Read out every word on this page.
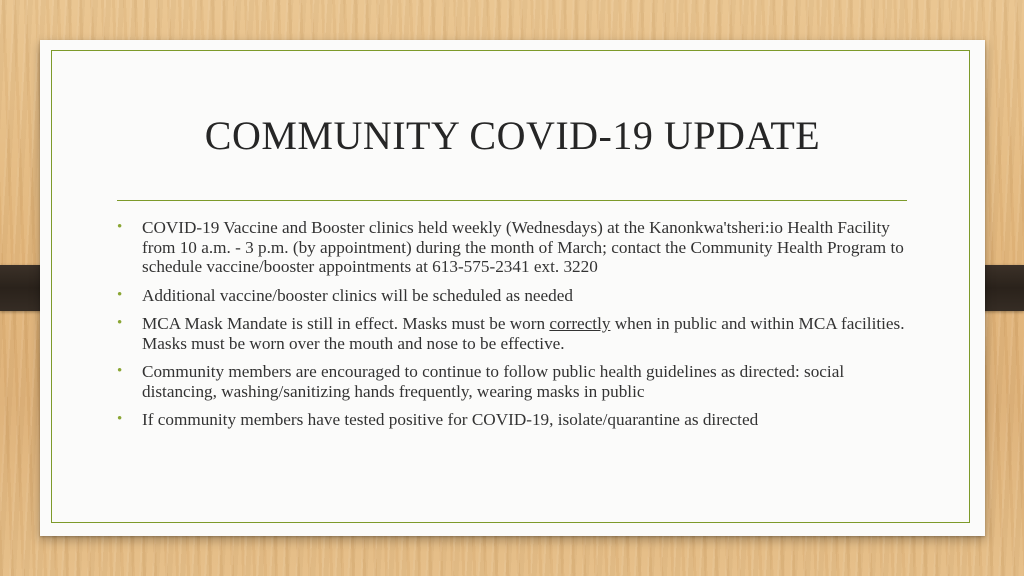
COMMUNITY COVID-19 UPDATE
• COVID-19 Vaccine and Booster clinics held weekly (Wednesdays) at the Kanonkwa'tsheri:io Health Facility from 10 a.m. - 3 p.m. (by appointment) during the month of March; contact the Community Health Program to schedule vaccine/booster appointments at 613-575-2341 ext. 3220
• Additional vaccine/booster clinics will be scheduled as needed
• MCA Mask Mandate is still in effect. Masks must be worn correctly when in public and within MCA facilities. Masks must be worn over the mouth and nose to be effective.
• Community members are encouraged to continue to follow public health guidelines as directed: social distancing, washing/sanitizing hands frequently, wearing masks in public
• If community members have tested positive for COVID-19, isolate/quarantine as directed
